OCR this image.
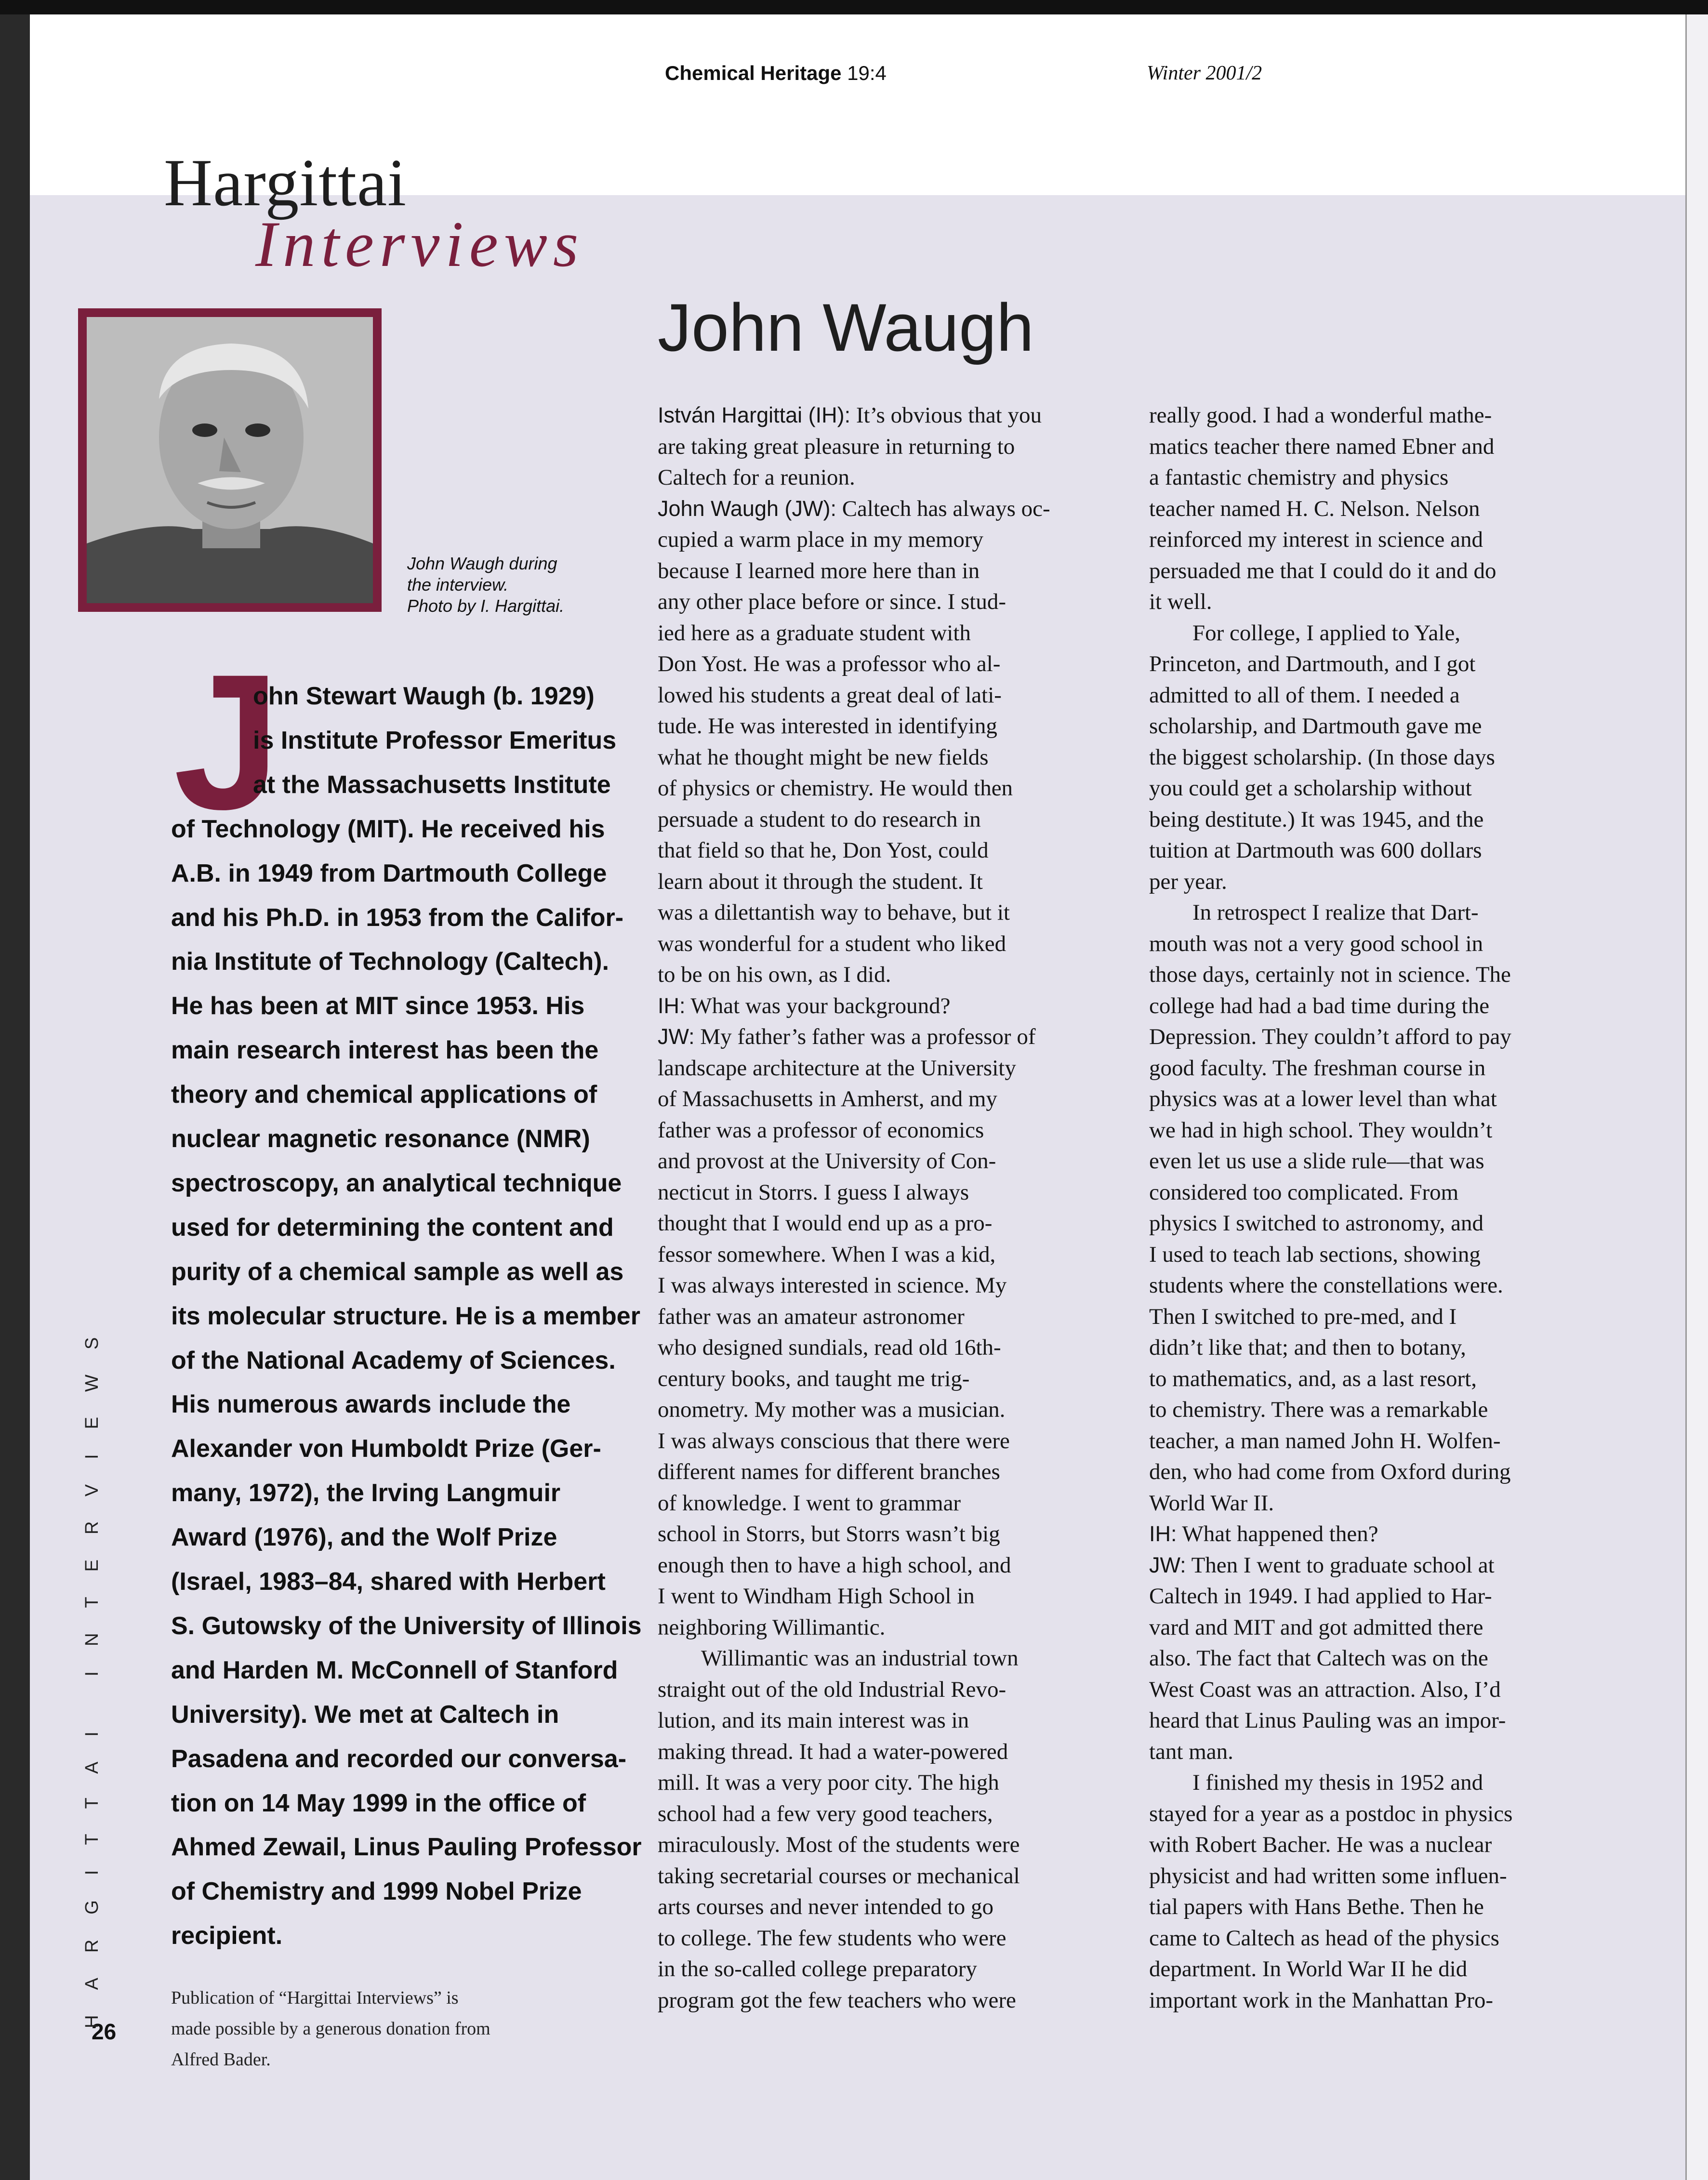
Chemical Heritage 19:4	Winter 2001/2
Hargittai
Interviews
John Waugh during
the interview.
Photo by I. Hargittai.
J
ohn Stewart Waugh (b. 1929)
is Institute Professor Emeritus
at the Massachusetts Institute
of Technology (MIT). He received his
A.B. in 1949 from Dartmouth College
and his Ph.D. in 1953 from the Califor-
nia Institute of Technology (Caltech).
He has been at MIT since 1953. His
main research interest has been the
theory and chemical applications of
nuclear magnetic resonance (NMR)
spectroscopy, an analytical technique
used for determining the content and
purity of a chemical sample as well as
its molecular structure. He is a member
of the National Academy of Sciences.
His numerous awards include the
Alexander von Humboldt Prize (Ger-
many, 1972), the Irving Langmuir
Award (1976), and the Wolf Prize
(Israel, 1983–84, shared with Herbert
S. Gutowsky of the University of Illinois
and Harden M. McConnell of Stanford
University). We met at Caltech in
Pasadena and recorded our conversa-
tion on 14 May 1999 in the office of
Ahmed Zewail, Linus Pauling Professor
of Chemistry and 1999 Nobel Prize
recipient.
Publication of “Hargittai Interviews” is
made possible by a generous donation from
Alfred Bader.
26
HARGITTAI INTERVIEWS
John Waugh
István Hargittai (IH): It’s obvious that you
are taking great pleasure in returning to
Caltech for a reunion.
John Waugh (JW): Caltech has always oc-
cupied a warm place in my memory
because I learned more here than in
any other place before or since. I stud-
ied here as a graduate student with
Don Yost. He was a professor who al-
lowed his students a great deal of lati-
tude. He was interested in identifying
what he thought might be new fields
of physics or chemistry. He would then
persuade a student to do research in
that field so that he, Don Yost, could
learn about it through the student. It
was a dilettantish way to behave, but it
was wonderful for a student who liked
to be on his own, as I did.
IH: What was your background?
JW: My father’s father was a professor of
landscape architecture at the University
of Massachusetts in Amherst, and my
father was a professor of economics
and provost at the University of Con-
necticut in Storrs. I guess I always
thought that I would end up as a pro-
fessor somewhere. When I was a kid,
I was always interested in science. My
father was an amateur astronomer
who designed sundials, read old 16th-
century books, and taught me trig-
onometry. My mother was a musician.
I was always conscious that there were
different names for different branches
of knowledge. I went to grammar
school in Storrs, but Storrs wasn’t big
enough then to have a high school, and
I went to Windham High School in
neighboring Willimantic.
Willimantic was an industrial town
straight out of the old Industrial Revo-
lution, and its main interest was in
making thread. It had a water-powered
mill. It was a very poor city. The high
school had a few very good teachers,
miraculously. Most of the students were
taking secretarial courses or mechanical
arts courses and never intended to go
to college. The few students who were
in the so-called college preparatory
program got the few teachers who were
really good. I had a wonderful mathe-
matics teacher there named Ebner and
a fantastic chemistry and physics
teacher named H. C. Nelson. Nelson
reinforced my interest in science and
persuaded me that I could do it and do
it well.
For college, I applied to Yale,
Princeton, and Dartmouth, and I got
admitted to all of them. I needed a
scholarship, and Dartmouth gave me
the biggest scholarship. (In those days
you could get a scholarship without
being destitute.) It was 1945, and the
tuition at Dartmouth was 600 dollars
per year.
In retrospect I realize that Dart-
mouth was not a very good school in
those days, certainly not in science. The
college had had a bad time during the
Depression. They couldn’t afford to pay
good faculty. The freshman course in
physics was at a lower level than what
we had in high school. They wouldn’t
even let us use a slide rule—that was
considered too complicated. From
physics I switched to astronomy, and
I used to teach lab sections, showing
students where the constellations were.
Then I switched to pre-med, and I
didn’t like that; and then to botany,
to mathematics, and, as a last resort,
to chemistry. There was a remarkable
teacher, a man named John H. Wolfen-
den, who had come from Oxford during
World War II.
IH: What happened then?
JW: Then I went to graduate school at
Caltech in 1949. I had applied to Har-
vard and MIT and got admitted there
also. The fact that Caltech was on the
West Coast was an attraction. Also, I’d
heard that Linus Pauling was an impor-
tant man.
I finished my thesis in 1952 and
stayed for a year as a postdoc in physics
with Robert Bacher. He was a nuclear
physicist and had written some influen-
tial papers with Hans Bethe. Then he
came to Caltech as head of the physics
department. In World War II he did
important work in the Manhattan Pro-
